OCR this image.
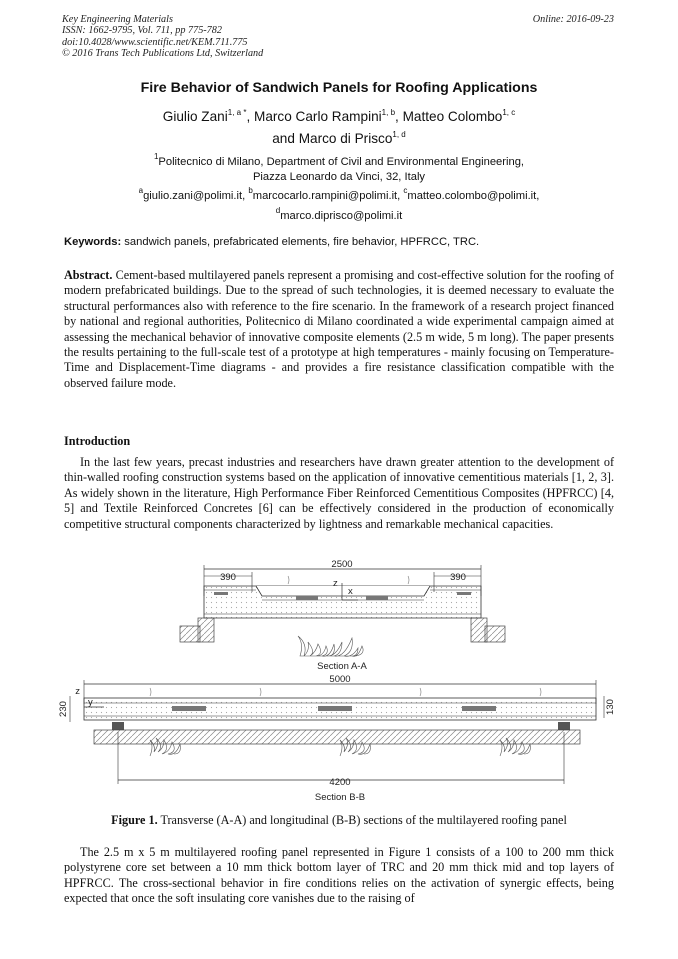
Key Engineering Materials
ISSN: 1662-9795, Vol. 711, pp 775-782
doi:10.4028/www.scientific.net/KEM.711.775
© 2016 Trans Tech Publications Ltd, Switzerland
Online: 2016-09-23
Fire Behavior of Sandwich Panels for Roofing Applications
Giulio Zani$^{1, a *}$, Marco Carlo Rampini$^{1, b}$, Matteo Colombo$^{1, c}$
and Marco di Prisco$^{1, d}$
$^1$Politecnico di Milano, Department of Civil and Environmental Engineering,
Piazza Leonardo da Vinci, 32, Italy
$^a$giulio.zani@polimi.it, $^b$marcocarlo.rampini@polimi.it, $^c$matteo.colombo@polimi.it,
$^d$marco.diprisco@polimi.it
Keywords: sandwich panels, prefabricated elements, fire behavior, HPFRCC, TRC.
Abstract. Cement-based multilayered panels represent a promising and cost-effective solution for the roofing of modern prefabricated buildings. Due to the spread of such technologies, it is deemed necessary to evaluate the structural performances also with reference to the fire scenario. In the framework of a research project financed by national and regional authorities, Politecnico di Milano coordinated a wide experimental campaign aimed at assessing the mechanical behavior of innovative composite elements (2.5 m wide, 5 m long). The paper presents the results pertaining to the full-scale test of a prototype at high temperatures - mainly focusing on Temperature-Time and Displacement-Time diagrams - and provides a fire resistance classification compatible with the observed failure mode.
Introduction
In the last few years, precast industries and researchers have drawn greater attention to the development of thin-walled roofing construction systems based on the application of innovative cementitious materials [1, 2, 3]. As widely shown in the literature, High Performance Fiber Reinforced Cementitious Composites (HPFRCC) [4, 5] and Textile Reinforced Concretes [6] can be effectively considered in the production of economically competitive structural components characterized by lightness and remarkable mechanical capacities.
2500
390	390
z
x
Section A-A
5000
y
z
230	130
4200
Section B-B
Figure 1. Transverse (A-A) and longitudinal (B-B) sections of the multilayered roofing panel
The 2.5 m x 5 m multilayered roofing panel represented in Figure 1 consists of a 100 to 200 mm thick polystyrene core set between a 10 mm thick bottom layer of TRC and 20 mm thick mid and top layers of HPFRCC. The cross-sectional behavior in fire conditions relies on the activation of synergic effects, being expected that once the soft insulating core vanishes due to the raising of
